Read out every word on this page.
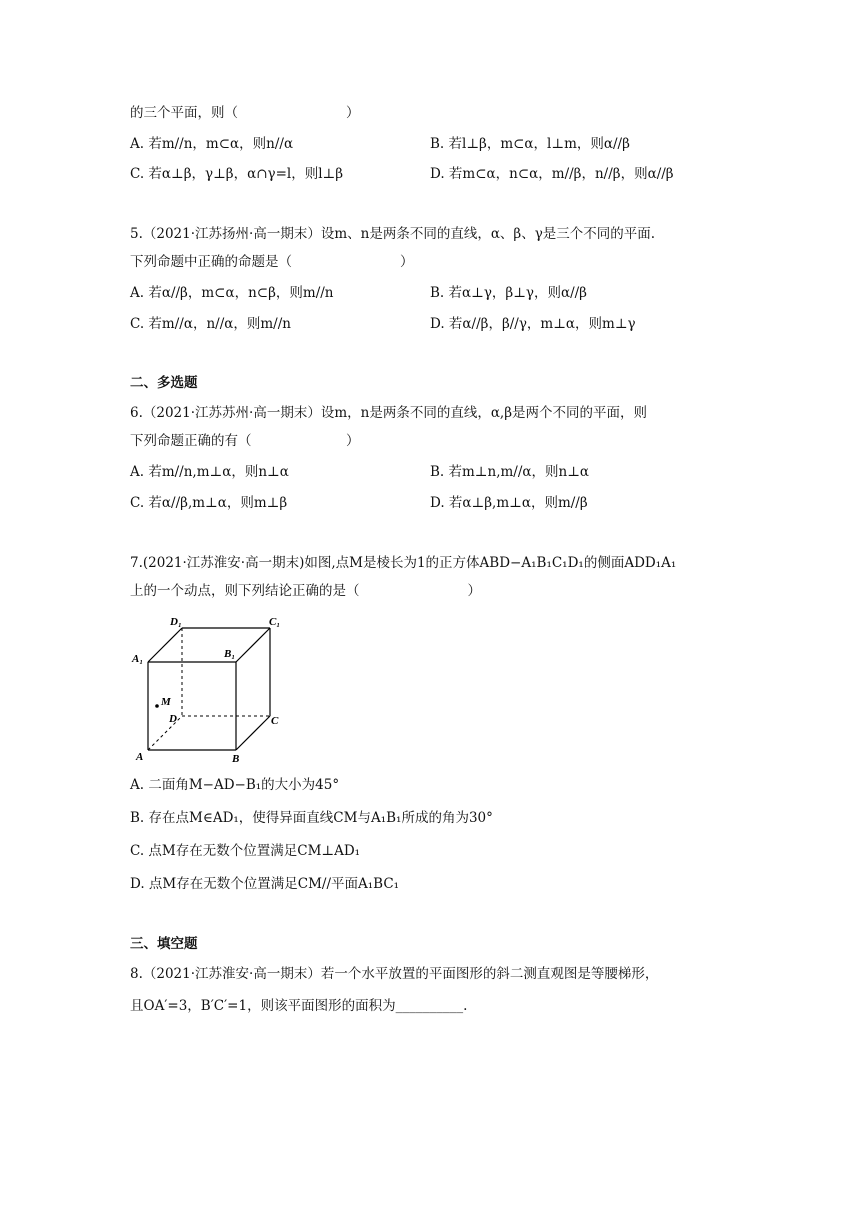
的三个平面，则（　　　　　　　　）
A. 若m//n，m⊂α，则n//α	B. 若l⊥β，m⊂α，l⊥m，则α//β
C. 若α⊥β，γ⊥β，α∩γ=l，则l⊥β	D. 若m⊂α，n⊂α，m//β，n//β，则α//β
5.（2021·江苏扬州·高一期末）设m、n是两条不同的直线，α、β、γ是三个不同的平面.
下列命题中正确的命题是（　　　　　　　　）
A. 若α//β，m⊂α，n⊂β，则m//n	B. 若α⊥γ，β⊥γ，则α//β
C. 若m//α，n//α，则m//n	D. 若α//β，β//γ，m⊥α，则m⊥γ
二、多选题
6.（2021·江苏苏州·高一期末）设m，n是两条不同的直线，α,β是两个不同的平面，则
下列命题正确的有（　　　　　　　）
A. 若m//n,m⊥α，则n⊥α	B. 若m⊥n,m//α，则n⊥α
C. 若α//β,m⊥α，则m⊥β	D. 若α⊥β,m⊥α，则m//β
7.(2021·江苏淮安·高一期末)如图,点M是棱长为1的正方体ABD−A₁B₁C₁D₁的侧面ADD₁A₁
上的一个动点，则下列结论正确的是（　　　　　　　　）
D₁	C₁
A₁	B₁
M
D	C
A	B
A. 二面角M−AD−B₁的大小为45°
B. 存在点M∈AD₁，使得异面直线CM与A₁B₁所成的角为30°
C. 点M存在无数个位置满足CM⊥AD₁
D. 点M存在无数个位置满足CM//平面A₁BC₁
三、填空题
8.（2021·江苏淮安·高一期末）若一个水平放置的平面图形的斜二测直观图是等腰梯形，
且OA′=3，B′C′=1，则该平面图形的面积为__________.
